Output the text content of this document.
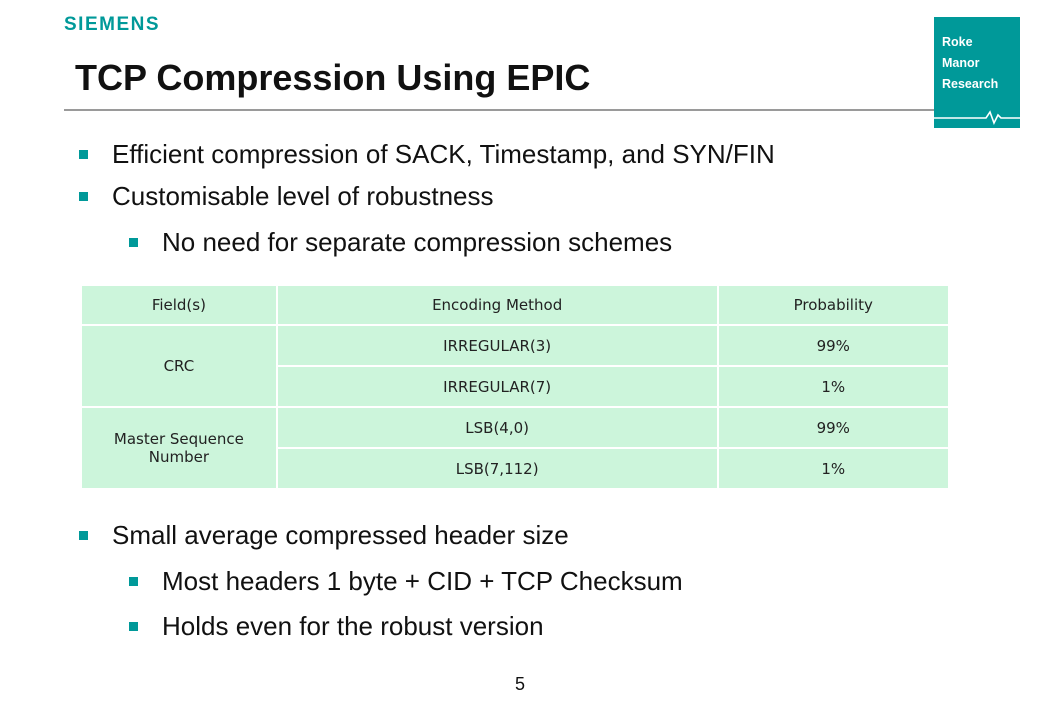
SIEMENS
Roke
Manor
Research
TCP Compression Using EPIC
Efficient compression of SACK, Timestamp, and SYN/FIN
Customisable level of robustness
No need for separate compression schemes
Field(s)	Encoding Method	Probability
CRC	IRREGULAR(3)	99%
	IRREGULAR(7)	1%
Master Sequence Number	LSB(4,0)	99%
	LSB(7,112)	1%
Small average compressed header size
Most headers 1 byte + CID + TCP Checksum
Holds even for the robust version
5
